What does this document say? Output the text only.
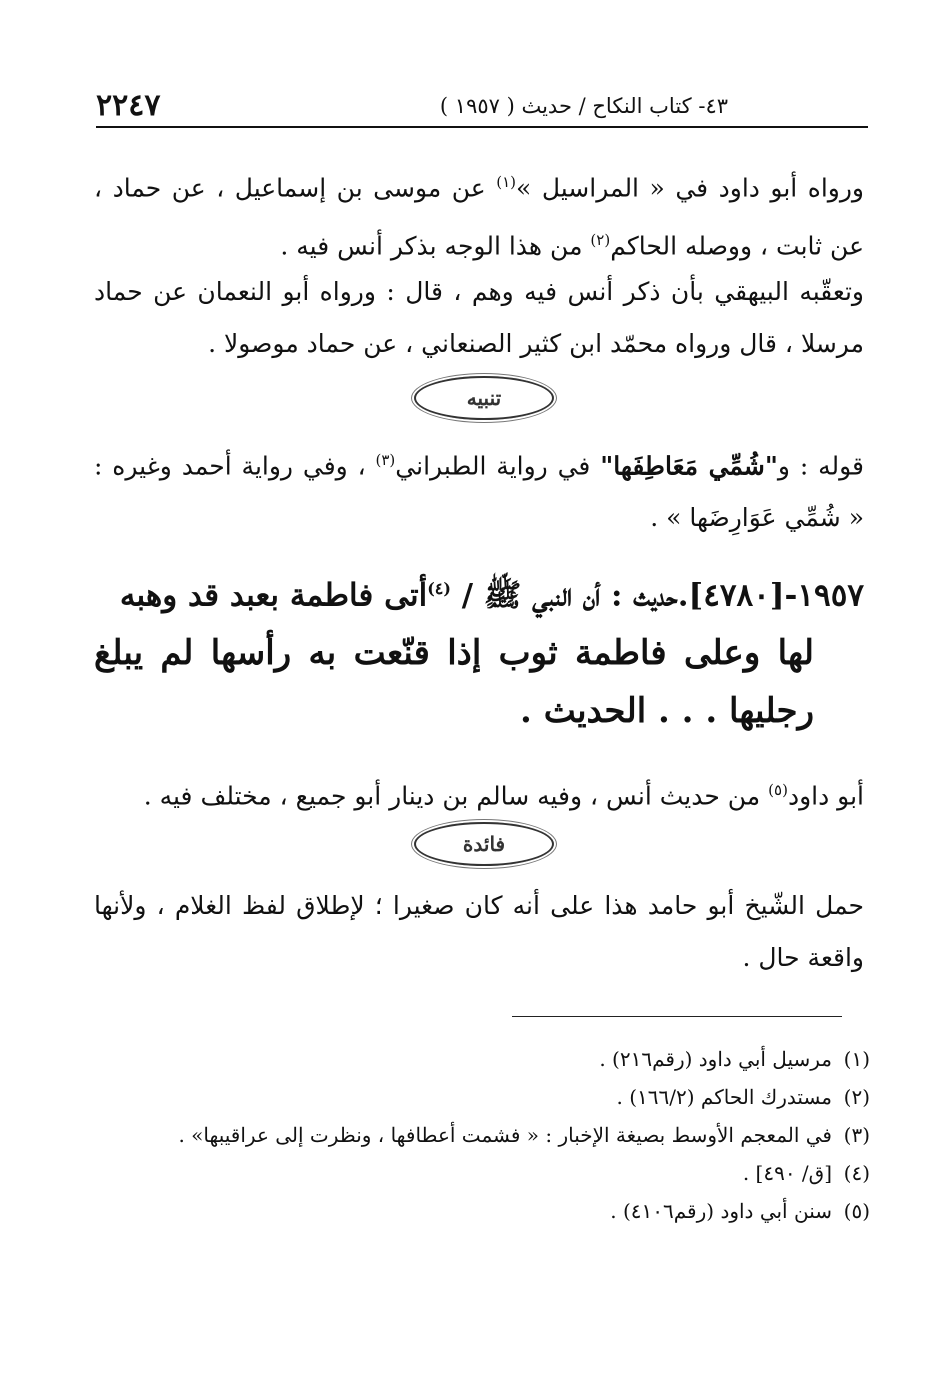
٢٢٤٧	٤٣- كتاب النكاح / حديث ( ١٩٥٧ )
ورواه أبو داود في « المراسيل »$^{(١)}$ عن موسى بن إسماعيل ، عن حماد ، عن ثابت ، ووصله الحاكم$^{(٢)}$ من هذا الوجه بذكر أنس فيه .
وتعقّبه البيهقي بأن ذكر أنس فيه وهم ، قال : ورواه أبو النعمان عن حماد مرسلا ، قال ورواه محمّد ابن كثير الصنعاني ، عن حماد موصولا .
تنبيه
قوله : و"شُمِّي مَعَاطِفَها" في رواية الطبراني$^{(٣)}$ ، وفي رواية أحمد وغيره : « شُمِّي عَوَارِضَها » .
١٩٥٧-[٤٧٨٠].حديث : أن النبي ﷺ / $^{(٤)}$أتى فاطمة بعبد قد وهبه
لها وعلى فاطمة ثوب إذا قنّعت به رأسها لم يبلغ رجليها . . . الحديث .
أبو داود$^{(٥)}$ من حديث أنس ، وفيه سالم بن دينار أبو جميع ، مختلف فيه .
فائدة
حمل الشّيخ أبو حامد هذا على أنه كان صغيرا ؛ لإطلاق لفظ الغلام ، ولأنها واقعة حال .
(١)مرسيل أبي داود (رقم٢١٦) .
(٢)مستدرك الحاكم (١٦٦/٢) .
(٣)في المعجم الأوسط بصيغة الإخبار : « فشمت أعطافها ، ونظرت إلى عراقيبها» .
(٤)[ق/ ٤٩٠] .
(٥)سنن أبي داود (رقم٤١٠٦) .
